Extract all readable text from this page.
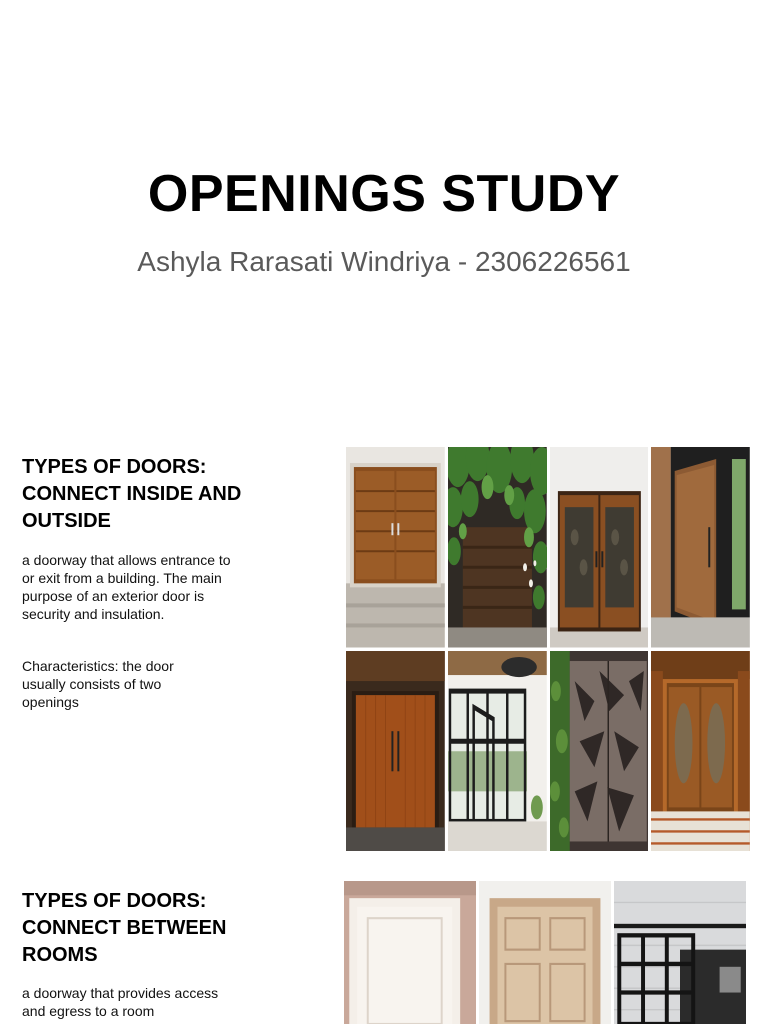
OPENINGS STUDY

Ashyla Rarasati Windriya - 2306226561

TYPES OF DOORS:
CONNECT INSIDE AND
OUTSIDE

a doorway that allows entrance to or exit from a building. The main purpose of an exterior door is security and insulation.

Characteristics: the door usually consists of two openings

TYPES OF DOORS:
CONNECT BETWEEN
ROOMS

a doorway that provides access and egress to a room
